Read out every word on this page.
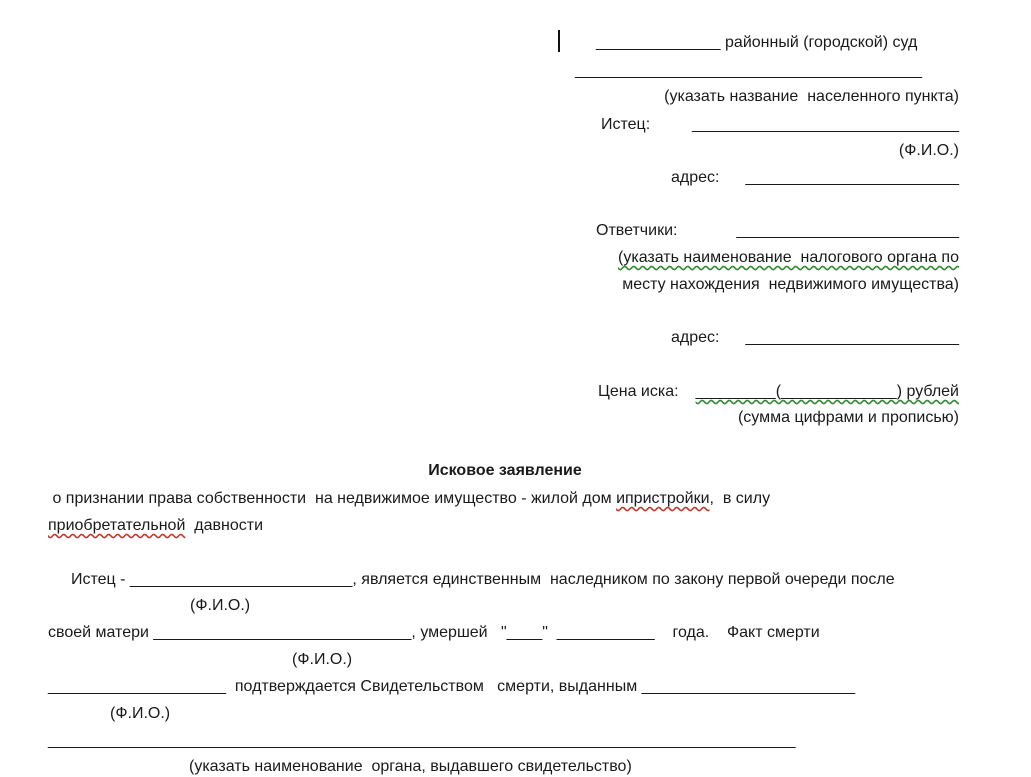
______________ районный (городской) суд
_______________________________________
(указать название  населенного пункта)
Истец:	______________________________
(Ф.И.О.)
адрес: ________________________
Ответчики:	_________________________
(указать наименование  налогового органа по
месту нахождения  недвижимого имущества)
адрес: ________________________
Цена иска: _________(_____________) рублей
(сумма цифрами и прописью)
Исковое заявление
о признании права собственности  на недвижимое имущество - жилой дом ипристройки,  в силу
приобретательной  давности
Истец - _________________________, является единственным  наследником по закону первой очереди после
(Ф.И.О.)
своей матери _____________________________, умершей   "____"  ___________    года.    Факт смерти
(Ф.И.О.)
____________________  подтверждается Свидетельством   смерти, выданным ________________________
(Ф.И.О.)
____________________________________________________________________________________
(указать наименование  органа, выдавшего свидетельство)
